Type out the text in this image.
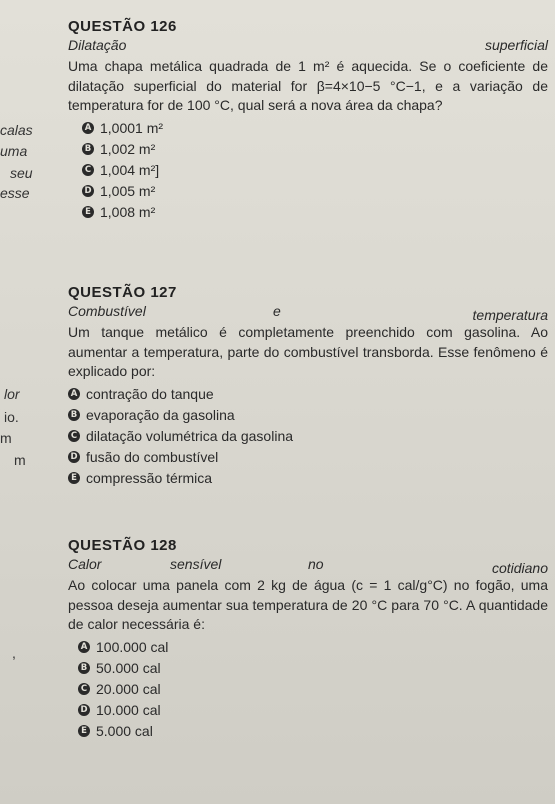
calas
uma
seu
esse
lor
io.
m
m
,
QUESTÃO 126
Dilatação	superficial
Uma chapa metálica quadrada de 1 m² é aquecida. Se o coeficiente de dilatação superficial do material for β=4×10−5 °C−1, e a variação de temperatura for de 100 °C, qual será a nova área da chapa?
A 1,0001 m²
B 1,002 m²
C 1,004 m²]
D 1,005 m²
E 1,008 m²
QUESTÃO 127
Combustível	e	temperatura
Um tanque metálico é completamente preenchido com gasolina. Ao aumentar a temperatura, parte do combustível transborda. Esse fenômeno é explicado por:
A contração do tanque
B evaporação da gasolina
C dilatação volumétrica da gasolina
D fusão do combustível
E compressão térmica
QUESTÃO 128
Calor	sensível	no	cotidiano
Ao colocar uma panela com 2 kg de água (c = 1 cal/g°C) no fogão, uma pessoa deseja aumentar sua temperatura de 20 °C para 70 °C. A quantidade de calor necessária é:
A 100.000 cal
B 50.000 cal
C 20.000 cal
D 10.000 cal
E 5.000 cal
